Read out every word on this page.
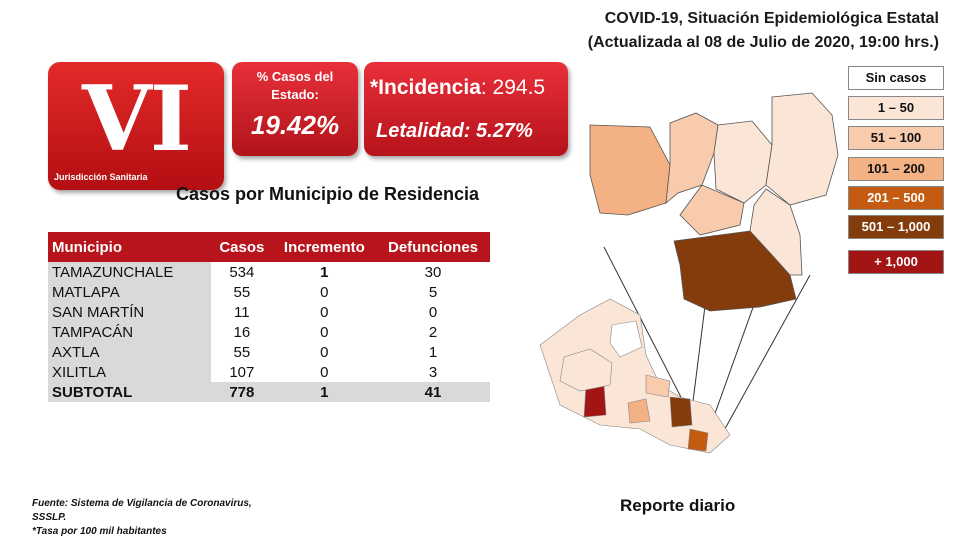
COVID-19, Situación Epidemiológica Estatal
(Actualizada al 08 de Julio de 2020, 19:00 hrs.)
VI
Jurisdicción Sanitaria
% Casos del Estado:
19.42%
*Incidencia: 294.5
Letalidad: 5.27%
Casos por Municipio de Residencia
Municipio	Casos	Incremento	Defunciones
TAMAZUNCHALE	534	1	30
MATLAPA	55	0	5
SAN MARTÍN	11	0	0
TAMPACÁN	16	0	2
AXTLA	55	0	1
XILITLA	107	0	3
SUBTOTAL	778	1	41
Sin casos
1 – 50
51 – 100
101 – 200
201 – 500
501 – 1,000
+ 1,000
Fuente: Sistema de Vigilancia de Coronavirus,
SSSLP.
*Tasa por 100 mil habitantes
Reporte diario
